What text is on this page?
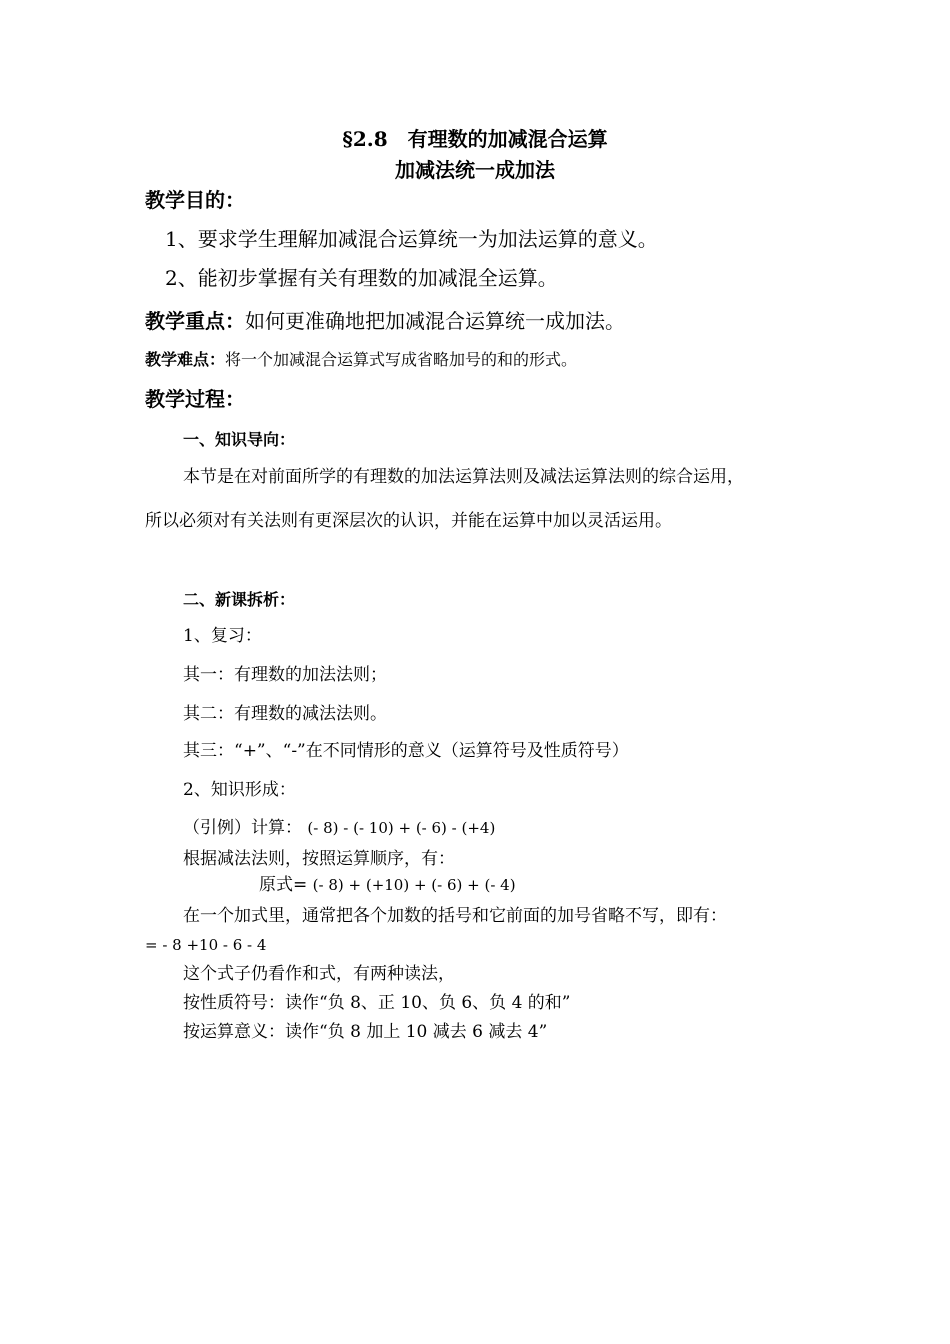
§2.8　有理数的加减混合运算
加减法统一成加法
教学目的：
1、要求学生理解加减混合运算统一为加法运算的意义。
2、能初步掌握有关有理数的加减混全运算。
教学重点：如何更准确地把加减混合运算统一成加法。
教学难点：将一个加减混合运算式写成省略加号的和的形式。
教学过程：
一、知识导向：
本节是在对前面所学的有理数的加法运算法则及减法运算法则的综合运用，
所以必须对有关法则有更深层次的认识，并能在运算中加以灵活运用。
二、新课拆析：
1、复习：
其一：有理数的加法法则；
其二：有理数的减法法则。
其三：“+”、“-”在不同情形的意义（运算符号及性质符号）
2、知识形成：
（引例）计算： (- 8) - (- 10) + (- 6) - (+4)
根据减法法则，按照运算顺序，有：
原式= (- 8) + (+10) + (- 6) + (- 4)
在一个加式里，通常把各个加数的括号和它前面的加号省略不写，即有：
= - 8 +10 - 6 - 4
这个式子仍看作和式，有两种读法，
按性质符号：读作“负 8、正 10、负 6、负 4 的和”
按运算意义：读作“负 8 加上 10 减去 6 减去 4”
